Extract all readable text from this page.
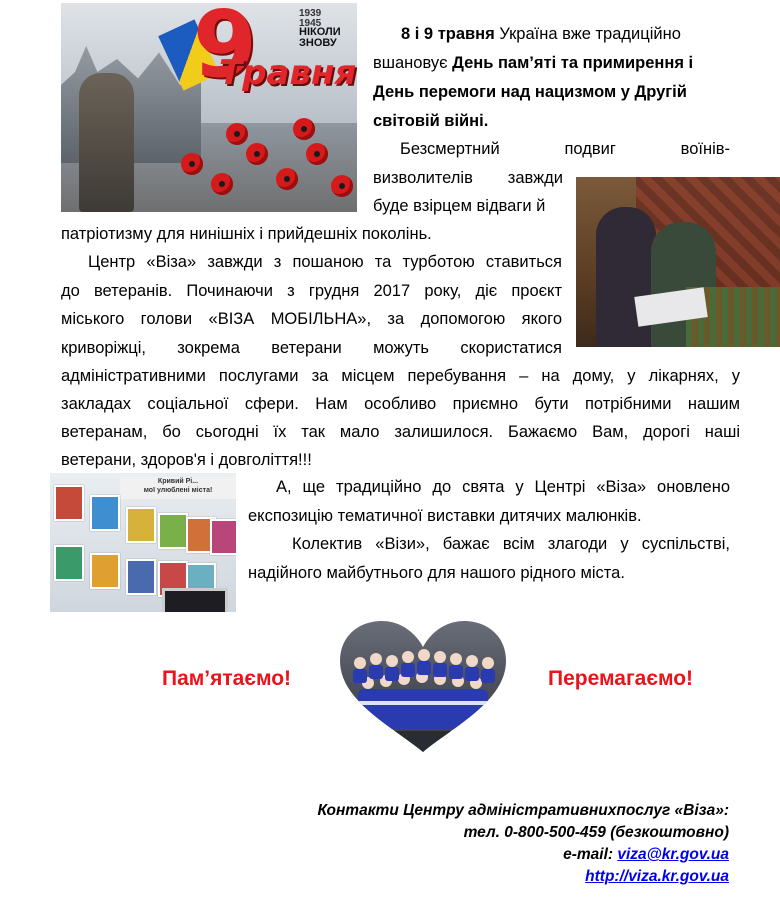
9
Травня
1939
1945
НІКОЛИ
ЗНОВУ	8 і 9 травня Україна вже традиційно
вшановує День пам’яті та примирення і
День перемоги над нацизмом у Другій
світовій війні.
Безсмертний подвиг воїнів-
визволителів завжди
буде взірцем відваги й
патріотизму для нинішніх і прийдешніх поколінь.
Центр «Віза» завжди з пошаною та турботою ставиться
до ветеранів. Починаючи з грудня 2017 року, діє проєкт
міського голови «ВІЗА МОБІЛЬНА», за допомогою якого
криворіжці, зокрема ветерани можуть скористатися
адміністративними послугами за місцем перебування – на дому, у лікарнях, у
закладах соціальної сфери. Нам особливо приємно бути потрібними нашим
ветеранам, бо сьогодні їх так мало залишилося. Бажаємо Вам, дорогі наші
ветерани, здоров'я і довголіття!!!
Кривий Рі...
мої улюблені міста!	А, ще традиційно до свята у Центрі «Віза» оновлено
експозицію тематичної виставки дитячих малюнків.
Колектив «Візи», бажає всім злагоди у суспільстві,
надійного майбутнього для нашого рідного міста.
Пам’ятаємо!	Перемагаємо!
Контакти Центру адміністративнихпослуг «Віза»:
тел. 0-800-500-459 (безкоштовно)
e-mail: viza@kr.gov.ua
http://viza.kr.gov.ua
